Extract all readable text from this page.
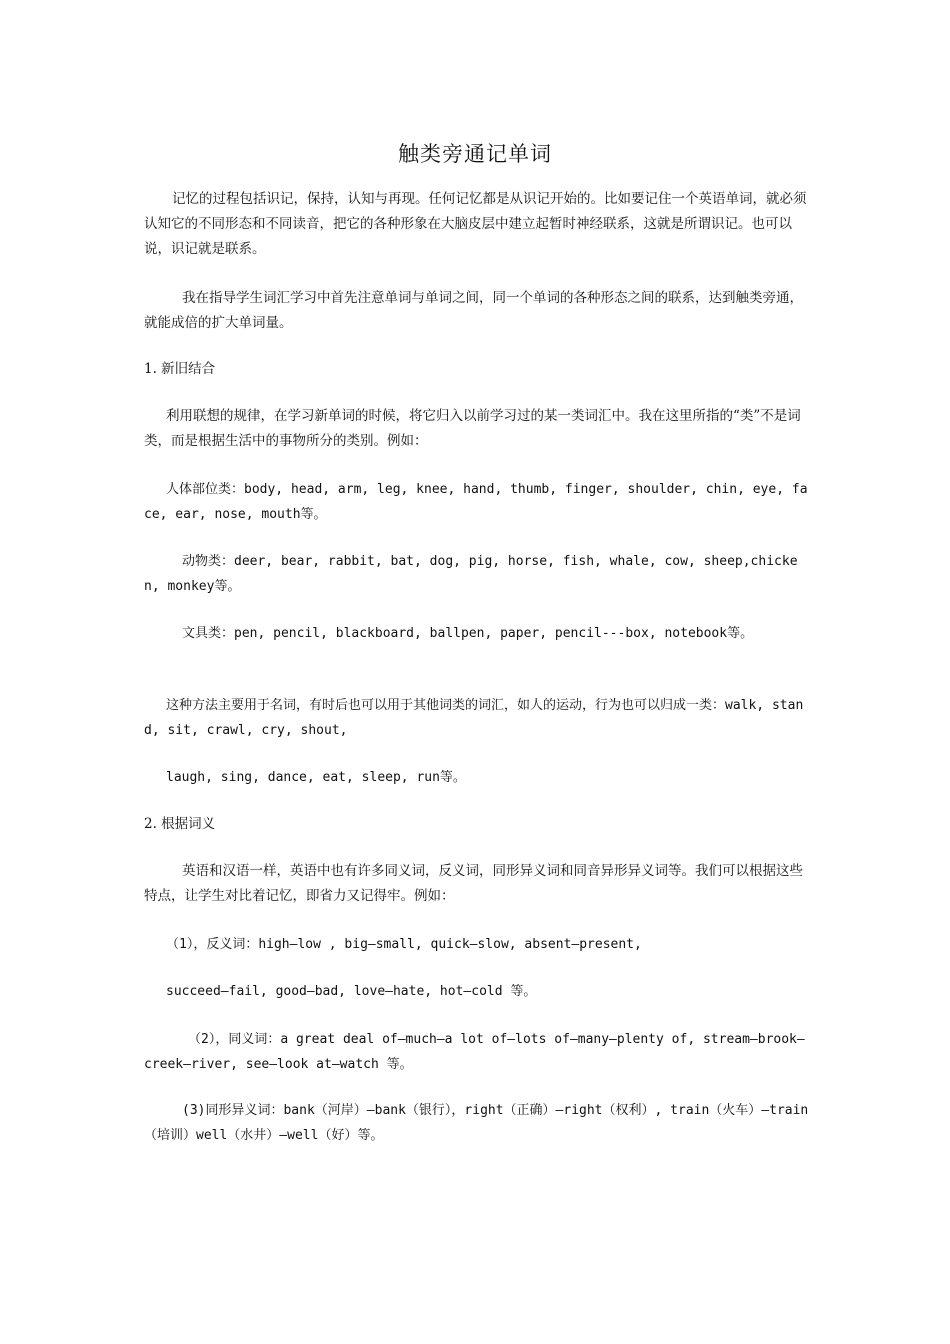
触类旁通记单词

记忆的过程包括识记，保持，认知与再现。任何记忆都是从识记开始的。比如要记住一个英语单词，就必须认知它的不同形态和不同读音，把它的各种形象在大脑皮层中建立起暂时神经联系，这就是所谓识记。也可以说，识记就是联系。

我在指导学生词汇学习中首先注意单词与单词之间，同一个单词的各种形态之间的联系，达到触类旁通，就能成倍的扩大单词量。

1. 新旧结合

利用联想的规律，在学习新单词的时候，将它归入以前学习过的某一类词汇中。我在这里所指的“类”不是词类，而是根据生活中的事物所分的类别。例如：

人体部位类：body, head, arm, leg, knee, hand, thumb, finger, shoulder, chin, eye, face, ear, nose, mouth等。

动物类：deer, bear, rabbit, bat, dog, pig, horse, fish, whale, cow, sheep,chicken, monkey等。

文具类：pen, pencil, blackboard, ballpen, paper, pencil---box, notebook等。

这种方法主要用于名词，有时后也可以用于其他词类的词汇，如人的运动，行为也可以归成一类：walk, stand, sit, crawl, cry, shout,

laugh, sing, dance, eat, sleep, run等。

2. 根据词义

英语和汉语一样，英语中也有许多同义词，反义词，同形异义词和同音异形异义词等。我们可以根据这些特点，让学生对比着记忆，即省力又记得牢。例如：

（1），反义词：high—low , big—small, quick—slow, absent—present,

succeed—fail, good—bad, love—hate, hot—cold 等。

（2），同义词：a great deal of—much—a lot of—lots of—many—plenty of, stream—brook—creek—river, see—look at—watch 等。

(3)同形异义词：bank（河岸）—bank（银行），right（正确）—right（权利）, train（火车）—train（培训）well（水井）—well（好）等。
